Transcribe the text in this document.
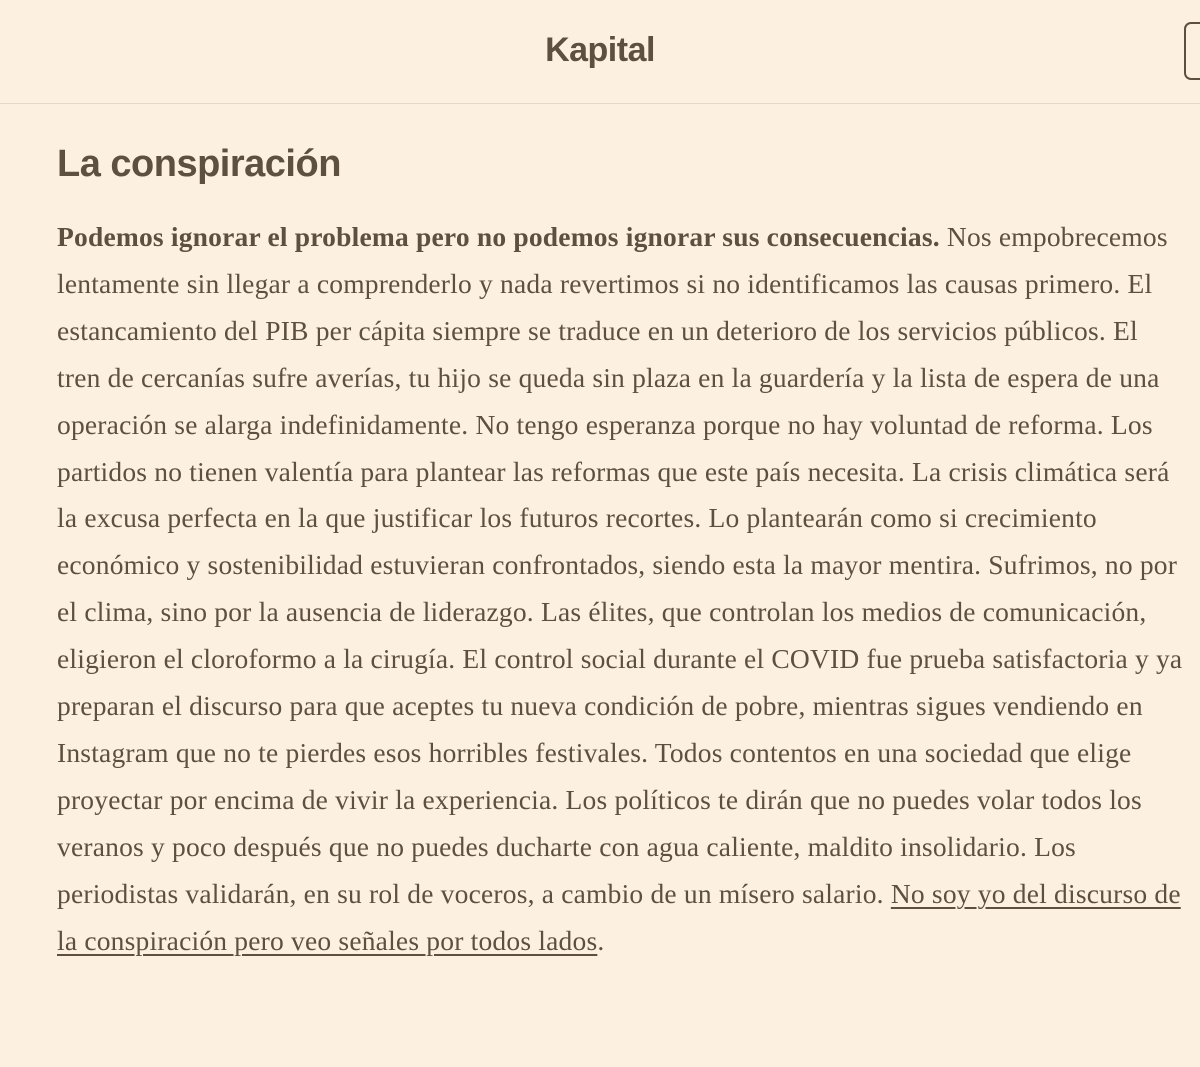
Kapital
La conspiración

Podemos ignorar el problema pero no podemos ignorar sus consecuencias. Nos empobrecemos lentamente sin llegar a comprenderlo y nada revertimos si no identificamos las causas primero. El estancamiento del PIB per cápita siempre se traduce en un deterioro de los servicios públicos. El tren de cercanías sufre averías, tu hijo se queda sin plaza en la guardería y la lista de espera de una operación se alarga indefinidamente. No tengo esperanza porque no hay voluntad de reforma. Los partidos no tienen valentía para plantear las reformas que este país necesita. La crisis climática será la excusa perfecta en la que justificar los futuros recortes. Lo plantearán como si crecimiento económico y sostenibilidad estuvieran confrontados, siendo esta la mayor mentira. Sufrimos, no por el clima, sino por la ausencia de liderazgo. Las élites, que controlan los medios de comunicación, eligieron el cloroformo a la cirugía. El control social durante el COVID fue prueba satisfactoria y ya preparan el discurso para que aceptes tu nueva condición de pobre, mientras sigues vendiendo en Instagram que no te pierdes esos horribles festivales. Todos contentos en una sociedad que elige proyectar por encima de vivir la experiencia. Los políticos te dirán que no puedes volar todos los veranos y poco después que no puedes ducharte con agua caliente, maldito insolidario. Los periodistas validarán, en su rol de voceros, a cambio de un mísero salario. No soy yo del discurso de la conspiración pero veo señales por todos lados.
